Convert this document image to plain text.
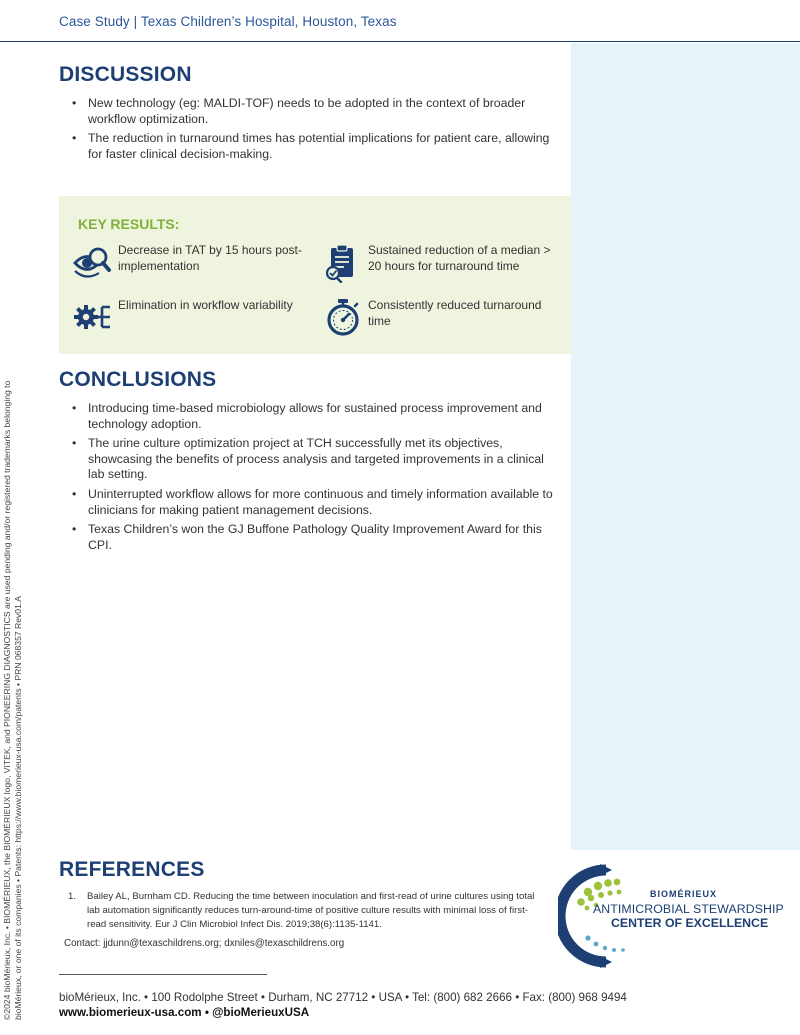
Case Study | Texas Children’s Hospital, Houston, Texas
©2024 bioMérieux, Inc. • BIOMÉRIEUX, the BIOMÉRIEUX logo, VITEK, and PIONEERING DIAGNOSTICS are used pending and/or registered trademarks belonging to bioMérieux, or one of its companies • Patents: https://www.biomerieux-usa.com/patents • PRN 068357 Rev01.A
DISCUSSION
• New technology (eg: MALDI-TOF) needs to be adopted in the context of broader workflow optimization.
• The reduction in turnaround times has potential implications for patient care, allowing for faster clinical decision-making.
KEY RESULTS:
Decrease in TAT by 15 hours post-implementation
Sustained reduction of a median > 20 hours for turnaround time
Elimination in workflow variability	Consistently reduced turnaround time
CONCLUSIONS
• Introducing time-based microbiology allows for sustained process improvement and technology adoption.
• The urine culture optimization project at TCH successfully met its objectives, showcasing the benefits of process analysis and targeted improvements in a clinical lab setting.
• Uninterrupted workflow allows for more continuous and timely information available to clinicians for making patient management decisions.
• Texas Children’s won the GJ Buffone Pathology Quality Improvement Award for this CPI.
REFERENCES
1.	Bailey AL, Burnham CD. Reducing the time between inoculation and first-read of urine cultures using total lab automation significantly reduces turn-around-time of positive culture results with minimal loss of first-read sensitivity. Eur J Clin Microbiol Infect Dis. 2019;38(6):1135-1141.
Contact: jjdunn@texaschildrens.org; dxniles@texaschildrens.org
BIOMÉRIEUX
ANTIMICROBIAL STEWARDSHIP
CENTER OF EXCELLENCE
bioMérieux, Inc. • 100 Rodolphe Street • Durham, NC 27712 • USA • Tel: (800) 682 2666 • Fax: (800) 968 9494
www.biomerieux-usa.com • @bioMerieuxUSA
